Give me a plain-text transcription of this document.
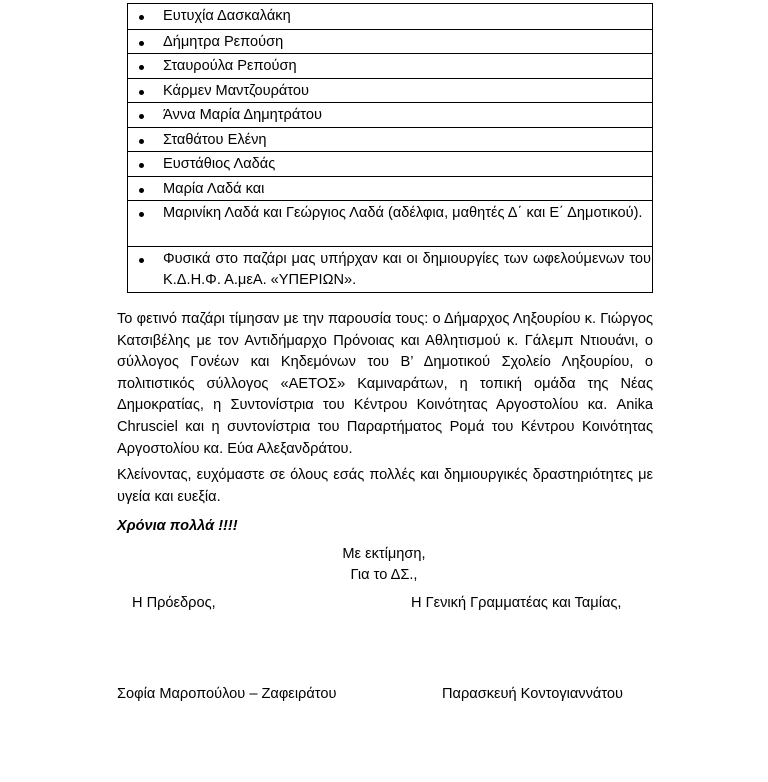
Ευτυχία Δασκαλάκη
Δήμητρα Ρεπούση
Σταυρούλα Ρεπούση
Κάρμεν Μαντζουράτου
Άννα Μαρία Δημητράτου
Σταθάτου Ελένη
Ευστάθιος Λαδάς
Μαρία Λαδά και
Μαρινίκη Λαδά και Γεώργιος Λαδά (αδέλφια, μαθητές Δ΄ και Ε΄ Δημοτικού).
Φυσικά στο παζάρι μας υπήρχαν και οι δημιουργίες των ωφελούμενων του Κ.Δ.Η.Φ. Α.μεΑ. «ΥΠΕΡΙΩΝ».

Το φετινό παζάρι τίμησαν με την παρουσία τους: ο Δήμαρχος Ληξουρίου κ. Γιώργος Κατσιβέλης με τον Αντιδήμαρχο Πρόνοιας και Αθλητισμού κ. Γάλεμπ Ντιουάνι, ο σύλλογος Γονέων και Κηδεμόνων του Β’ Δημοτικού Σχολείο Ληξουρίου, ο πολιτιστικός σύλλογος «ΑΕΤΟΣ» Καμιναράτων, η τοπική ομάδα της Νέας Δημοκρατίας, η Συντονίστρια του Κέντρου Κοινότητας Αργοστολίου κα. Anika Chrusciel και η συντονίστρια του Παραρτήματος Ρομά του Κέντρου Κοινότητας Αργοστολίου κα. Εύα Αλεξανδράτου.

Κλείνοντας, ευχόμαστε σε όλους εσάς πολλές και δημιουργικές δραστηριότητες με υγεία και ευεξία.

Χρόνια πολλά !!!!
Με εκτίμηση,
Για το ΔΣ.,
Η Πρόεδρος,	Η Γενική Γραμματέας και Ταμίας,
Σοφία Μαροπούλου – Ζαφειράτου	Παρασκευή Κοντογιαννάτου
